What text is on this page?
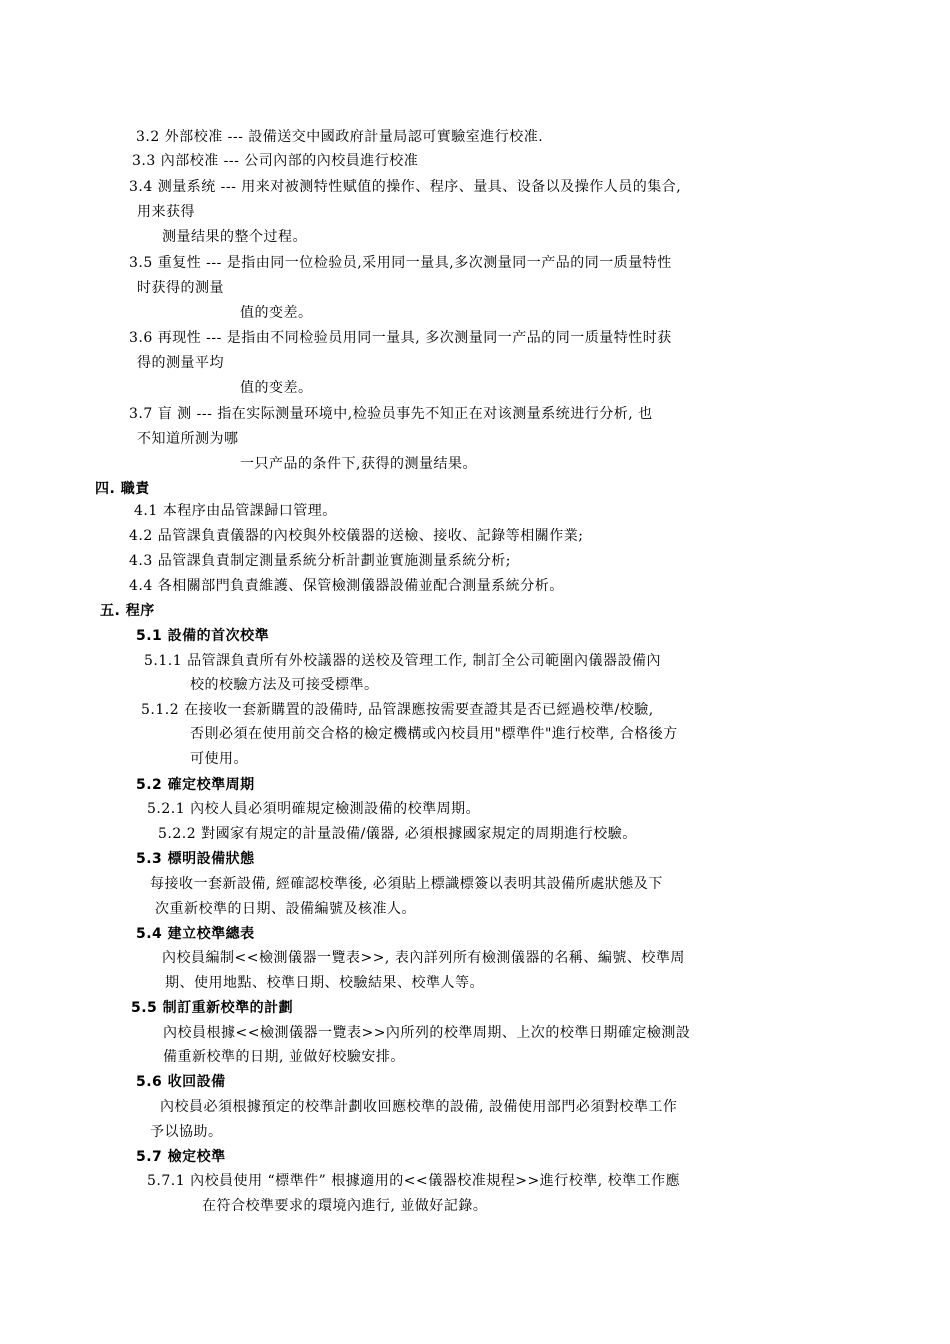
3.2 外部校准 --- 設備送交中國政府計量局認可實驗室進行校准.
3.3 內部校准 --- 公司內部的內校員進行校准
3.4 测量系统 --- 用来对被测特性赋值的操作、程序、量具、设备以及操作人员的集合,
用来获得
测量结果的整个过程。
3.5 重复性 --- 是指由同一位检验员,采用同一量具,多次测量同一产品的同一质量特性
时获得的测量
值的变差。
3.6 再现性 --- 是指由不同检验员用同一量具, 多次测量同一产品的同一质量特性时获
得的测量平均
值的变差。
3.7 盲 测 --- 指在实际测量环境中,检验员事先不知正在对该测量系统进行分析, 也
不知道所测为哪
一只产品的条件下,获得的测量结果。
四. 職責
4.1 本程序由品管課歸口管理。
4.2 品管課負責儀器的內校與外校儀器的送檢、接收、記錄等相關作業;
4.3 品管課負責制定測量系統分析計劃並實施測量系統分析;
4.4 各相關部門負責維護、保管檢測儀器設備並配合測量系統分析。
五. 程序
5.1 設備的首次校準
5.1.1 品管課負責所有外校議器的送校及管理工作, 制訂全公司範圍內儀器設備內
校的校驗方法及可接受標準。
5.1.2 在接收一套新購置的設備時, 品管課應按需要查證其是否已經過校準/校驗,
否則必須在使用前交合格的檢定機構或內校員用"標準件"進行校準, 合格後方
可使用。
5.2 確定校準周期
5.2.1 內校人員必須明確規定檢測設備的校準周期。
5.2.2 對國家有規定的計量設備/儀器, 必須根據國家規定的周期進行校驗。
5.3 標明設備狀態
每接收一套新設備, 經確認校準後, 必須貼上標識標簽以表明其設備所處狀態及下
次重新校準的日期、設備編號及核准人。
5.4 建立校準總表
內校員編制<<檢測儀器一覽表>>, 表內詳列所有檢測儀器的名稱、編號、校準周
期、使用地點、校準日期、校驗結果、校準人等。
5.5 制訂重新校準的計劃
內校員根據<<檢測儀器一覽表>>內所列的校準周期、上次的校準日期確定檢測設
備重新校準的日期, 並做好校驗安排。
5.6 收回設備
內校員必須根據預定的校準計劃收回應校準的設備, 設備使用部門必須對校準工作
予以協助。
5.7 檢定校準
5.7.1 內校員使用 “標準件” 根據適用的<<儀器校准規程>>進行校準, 校準工作應
在符合校準要求的環境內進行, 並做好記錄。
